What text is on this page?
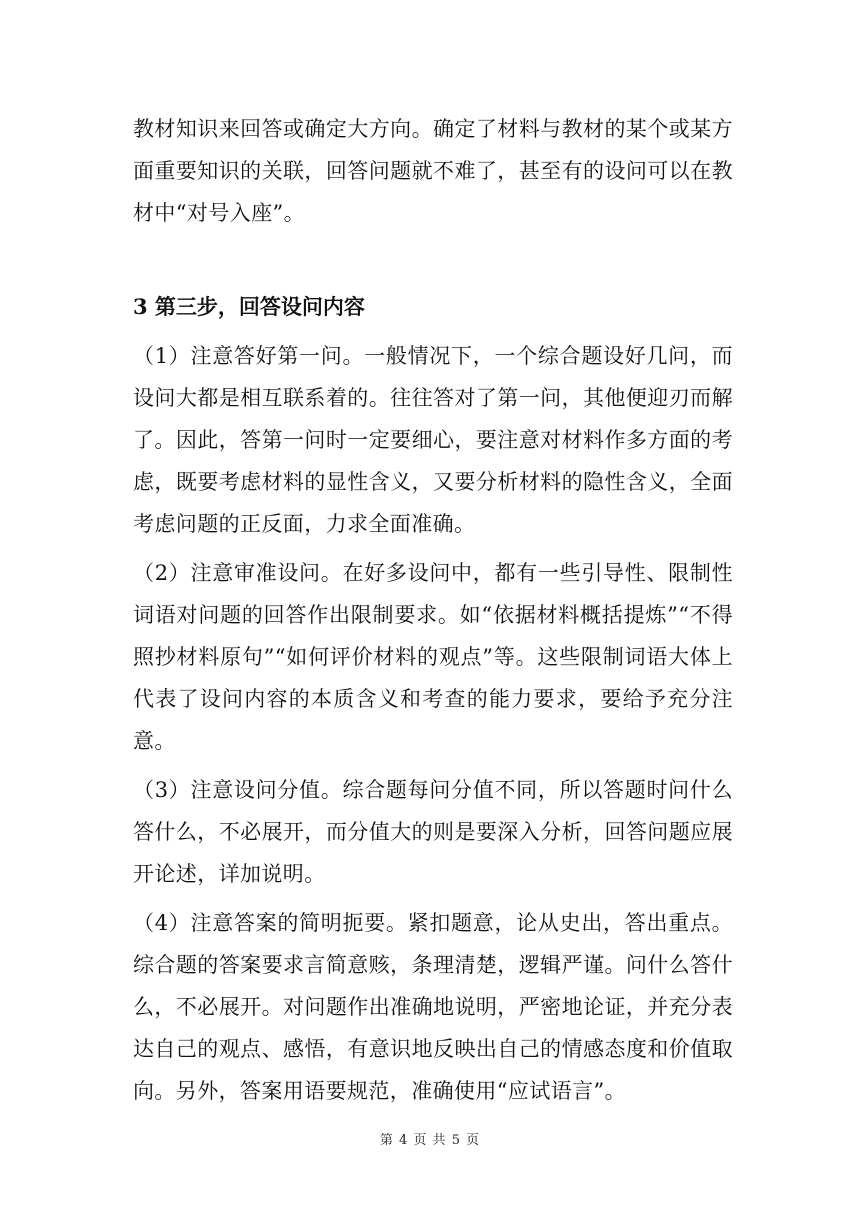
教材知识来回答或确定大方向。确定了材料与教材的某个或某方面重要知识的关联，回答问题就不难了，甚至有的设问可以在教材中“对号入座”。

3 第三步，回答设问内容

（1）注意答好第一问。一般情况下，一个综合题设好几问，而设问大都是相互联系着的。往往答对了第一问，其他便迎刃而解了。因此，答第一问时一定要细心，要注意对材料作多方面的考虑，既要考虑材料的显性含义，又要分析材料的隐性含义，全面考虑问题的正反面，力求全面准确。

（2）注意审准设问。在好多设问中，都有一些引导性、限制性词语对问题的回答作出限制要求。如“依据材料概括提炼”“不得照抄材料原句”“如何评价材料的观点”等。这些限制词语大体上代表了设问内容的本质含义和考查的能力要求，要给予充分注意。

（3）注意设问分值。综合题每问分值不同，所以答题时问什么答什么，不必展开，而分值大的则是要深入分析，回答问题应展开论述，详加说明。

（4）注意答案的简明扼要。紧扣题意，论从史出，答出重点。综合题的答案要求言简意赅，条理清楚，逻辑严谨。问什么答什么，不必展开。对问题作出准确地说明，严密地论证，并充分表达自己的观点、感悟，有意识地反映出自己的情感态度和价值取向。另外，答案用语要规范，准确使用“应试语言”。

第 4 页 共 5 页
